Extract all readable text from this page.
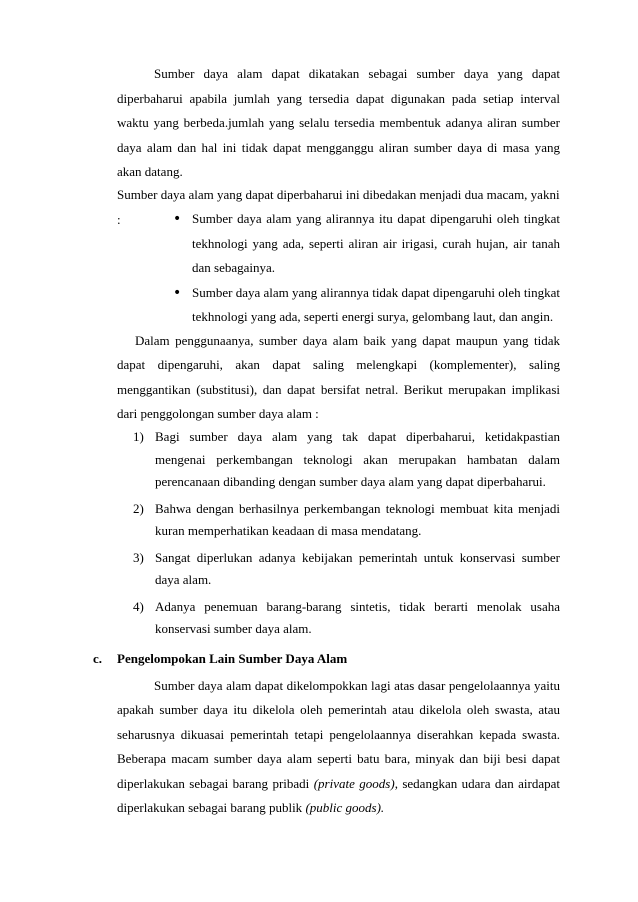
Sumber daya alam dapat dikatakan sebagai sumber daya yang dapat diperbaharui apabila jumlah yang tersedia dapat digunakan pada setiap interval waktu yang berbeda.jumlah yang selalu tersedia membentuk adanya aliran sumber daya alam dan hal ini tidak dapat mengganggu aliran sumber daya di masa yang akan datang.

Sumber daya alam yang dapat diperbaharui ini dibedakan menjadi dua macam, yakni :

•	Sumber daya alam yang alirannya itu dapat dipengaruhi oleh tingkat tekhnologi yang ada, seperti aliran air irigasi, curah hujan, air tanah dan sebagainya.
• Sumber daya alam yang alirannya tidak dapat dipengaruhi oleh tingkat tekhnologi yang ada, seperti energi surya, gelombang laut, dan angin.

Dalam penggunaanya, sumber daya alam baik yang dapat maupun yang tidak dapat dipengaruhi, akan dapat saling melengkapi (komplementer), saling menggantikan (substitusi), dan dapat bersifat netral. Berikut merupakan implikasi dari penggolongan sumber daya alam :

1) Bagi sumber daya alam yang tak dapat diperbaharui, ketidakpastian mengenai perkembangan teknologi akan merupakan hambatan dalam perencanaan dibanding dengan sumber daya alam yang dapat diperbaharui.
2) Bahwa dengan berhasilnya perkembangan teknologi membuat kita menjadi kuran memperhatikan keadaan di masa mendatang.
3) Sangat diperlukan adanya kebijakan pemerintah untuk konservasi sumber daya alam.
4) Adanya penemuan barang-barang sintetis, tidak berarti menolak usaha konservasi sumber daya alam.
c. Pengelompokan Lain Sumber Daya Alam

Sumber daya alam dapat dikelompokkan lagi atas dasar pengelolaannya yaitu apakah sumber daya itu dikelola oleh pemerintah atau dikelola oleh swasta, atau seharusnya dikuasai pemerintah tetapi pengelolaannya diserahkan kepada swasta. Beberapa macam sumber daya alam seperti batu bara, minyak dan biji besi dapat diperlakukan sebagai barang pribadi (private goods), sedangkan udara dan airdapat diperlakukan sebagai barang publik (public goods).
